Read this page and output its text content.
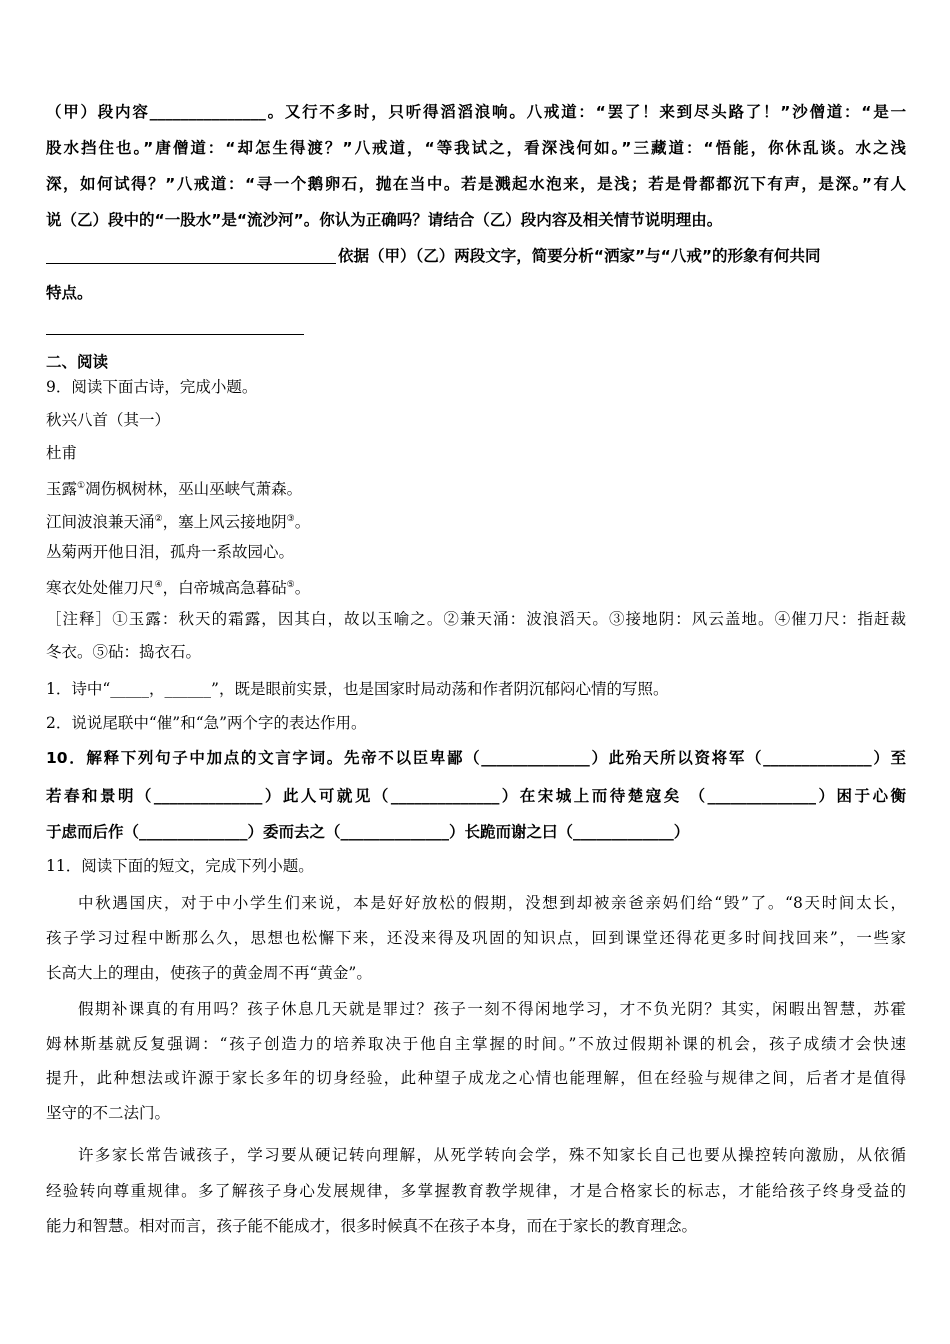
（甲）段内容_______________。又行不多时，只听得滔滔浪响。八戒道：“罢了！来到尽头路了！”沙僧道：“是一
股水挡住也。”唐僧道：“却怎生得渡？”八戒道，“等我试之，看深浅何如。”三藏道：“悟能，你休乱谈。水之浅
深，如何试得？”八戒道：“寻一个鹅卵石，抛在当中。若是溅起水泡来，是浅；若是骨都都沉下有声，是深。”有人
说（乙）段中的“一股水”是“流沙河”。你认为正确吗？请结合（乙）段内容及相关情节说明理由。
依据（甲）（乙）两段文字，简要分析“洒家”与“八戒”的形象有何共同
特点。
二、阅读
9．阅读下面古诗，完成小题。
秋兴八首（其一）
杜甫
玉露①凋伤枫树林，巫山巫峡气萧森。
江间波浪兼天涌②，塞上风云接地阴③。
丛菊两开他日泪，孤舟一系故园心。
寒衣处处催刀尺④，白帝城高急暮砧⑤。
［注释］①玉露：秋天的霜露，因其白，故以玉喻之。②兼天涌：波浪滔天。③接地阴：风云盖地。④催刀尺：指赶裁
冬衣。⑤砧：捣衣石。
1．诗中“_____，______”，既是眼前实景，也是国家时局动荡和作者阴沉郁闷心情的写照。
2．说说尾联中“催”和“急”两个字的表达作用。
10．解释下列句子中加点的文言字词。先帝不以臣卑鄙（______________）此殆天所以资将军（______________）至
若春和景明（______________）此人可就见（______________）在宋城上而待楚寇矣 （______________）困于心衡
于虑而后作（______________）委而去之（______________）长跪而谢之曰（_____________）
11．阅读下面的短文，完成下列小题。
中秋遇国庆，对于中小学生们来说，本是好好放松的假期，没想到却被亲爸亲妈们给“毁”了。“8天时间太长，
孩子学习过程中断那么久，思想也松懈下来，还没来得及巩固的知识点，回到课堂还得花更多时间找回来”，一些家
长高大上的理由，使孩子的黄金周不再“黄金”。
假期补课真的有用吗？孩子休息几天就是罪过？孩子一刻不得闲地学习，才不负光阴？其实，闲暇出智慧，苏霍
姆林斯基就反复强调：“孩子创造力的培养取决于他自主掌握的时间。”不放过假期补课的机会，孩子成绩才会快速
提升，此种想法或许源于家长多年的切身经验，此种望子成龙之心情也能理解，但在经验与规律之间，后者才是值得
坚守的不二法门。
许多家长常告诫孩子，学习要从硬记转向理解，从死学转向会学，殊不知家长自己也要从操控转向激励，从依循
经验转向尊重规律。多了解孩子身心发展规律，多掌握教育教学规律，才是合格家长的标志，才能给孩子终身受益的
能力和智慧。相对而言，孩子能不能成才，很多时候真不在孩子本身，而在于家长的教育理念。
